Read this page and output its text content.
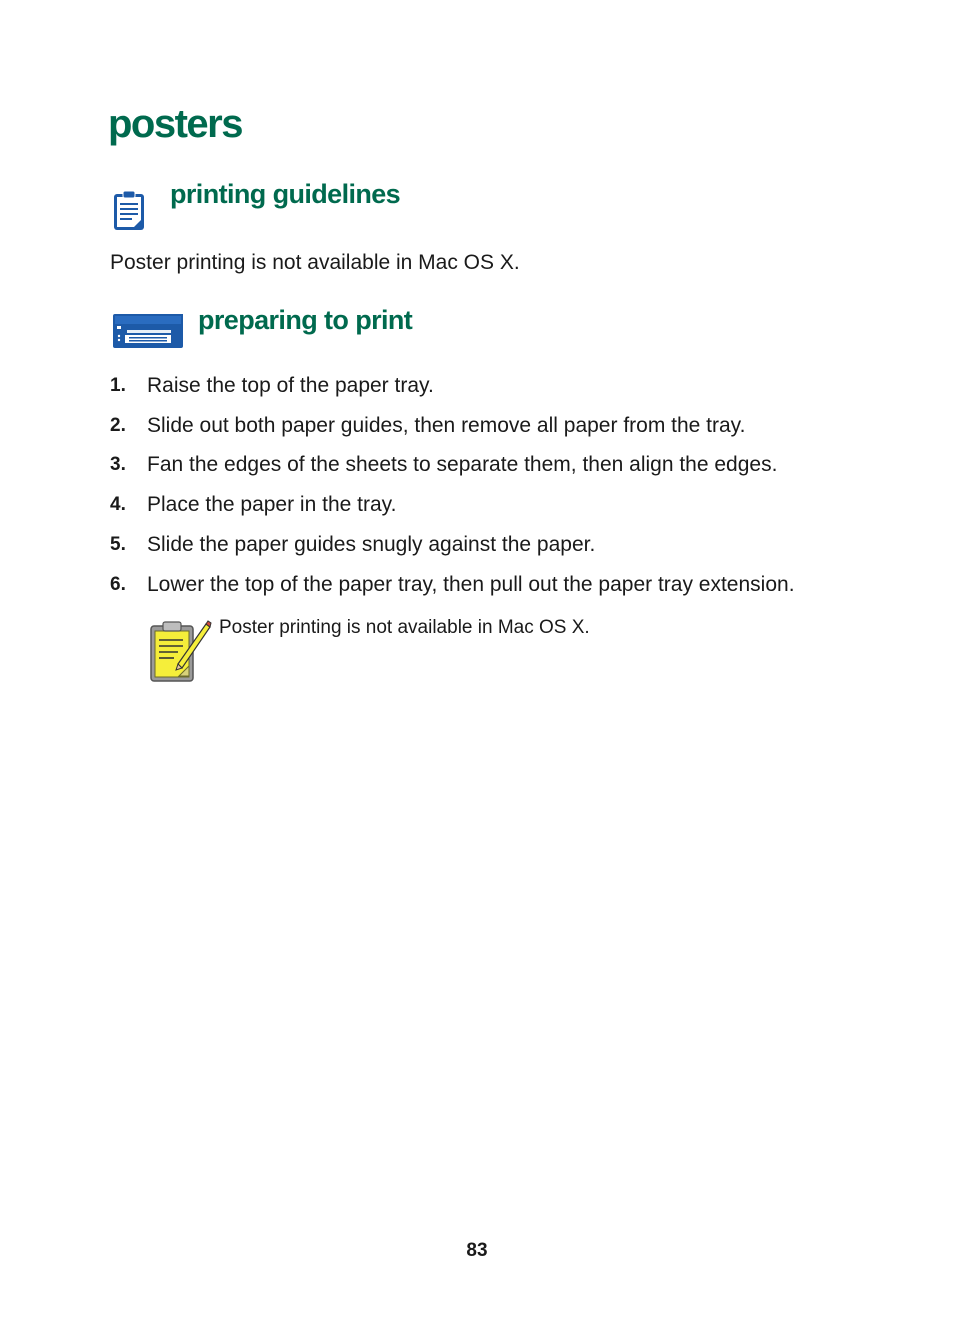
posters
printing guidelines

Poster printing is not available in Mac OS X.

preparing to print
1.	Raise the top of the paper tray.
2.	Slide out both paper guides, then remove all paper from the tray.
3.	Fan the edges of the sheets to separate them, then align the edges.
4.	Place the paper in the tray.
5.	Slide the paper guides snugly against the paper.
6.	Lower the top of the paper tray, then pull out the paper tray extension.

Poster printing is not available in Mac OS X.

83
